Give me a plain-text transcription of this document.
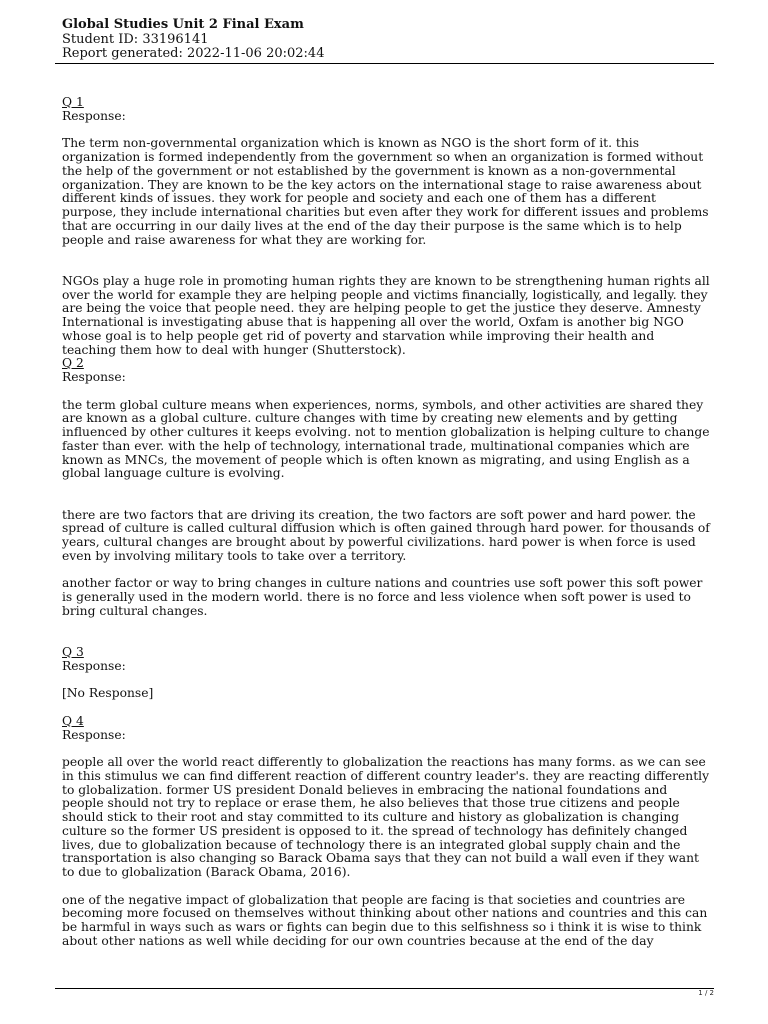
Global Studies Unit 2 Final Exam
Student ID: 33196141
Report generated: 2022-11-06 20:02:44

Q 1

Response:

The term non-governmental organization which is known as NGO is the short form of it. this organization is formed independently from the government so when an organization is formed without the help of the government or not established by the government is known as a non-governmental organization. They are known to be the key actors on the international stage to raise awareness about different kinds of issues. they work for people and society and each one of them has a different purpose, they include international charities but even after they work for different issues and problems that are occurring in our daily lives at the end of the day their purpose is the same which is to help people and raise awareness for what they are working for.

NGOs play a huge role in promoting human rights they are known to be strengthening human rights all over the world for example they are helping people and victims financially, logistically, and legally. they are being the voice that people need. they are helping people to get the justice they deserve. Amnesty International is investigating abuse that is happening all over the world, Oxfam is another big NGO whose goal is to help people get rid of poverty and starvation while improving their health and teaching them how to deal with hunger (Shutterstock).

Q 2

Response:

the term global culture means when experiences, norms, symbols, and other activities are shared they are known as a global culture. culture changes with time by creating new elements and by getting influenced by other cultures it keeps evolving. not to mention globalization is helping culture to change faster than ever. with the help of technology, international trade, multinational companies which are known as MNCs, the movement of people which is often known as migrating, and using English as a global language culture is evolving.

there are two factors that are driving its creation, the two factors are soft power and hard power. the spread of culture is called cultural diffusion which is often gained through hard power. for thousands of years, cultural changes are brought about by powerful civilizations. hard power is when force is used even by involving military tools to take over a territory.

another factor or way to bring changes in culture nations and countries use soft power this soft power is generally used in the modern world. there is no force and less violence when soft power is used to bring cultural changes.

Q 3

Response:

[No Response]

Q 4

Response:

people all over the world react differently to globalization the reactions has many forms. as we can see in this stimulus we can find different reaction of different country leader's. they are reacting differently to globalization. former US president Donald believes in embracing the national foundations and people should not try to replace or erase them, he also believes that those true citizens and people should stick to their root and stay committed to its culture and history as globalization is changing culture so the former US president is opposed to it. the spread of technology has definitely changed lives, due to globalization because of technology there is an integrated global supply chain and the transportation is also changing so Barack Obama says that they can not build a wall even if they want to due to globalization (Barack Obama, 2016).

one of the negative impact of globalization that people are facing is that societies and countries are becoming more focused on themselves without thinking about other nations and countries and this can be harmful in ways such as wars or fights can begin due to this selfishness so i think it is wise to think about other nations as well while deciding for our own countries because at the end of the day

1 / 2
